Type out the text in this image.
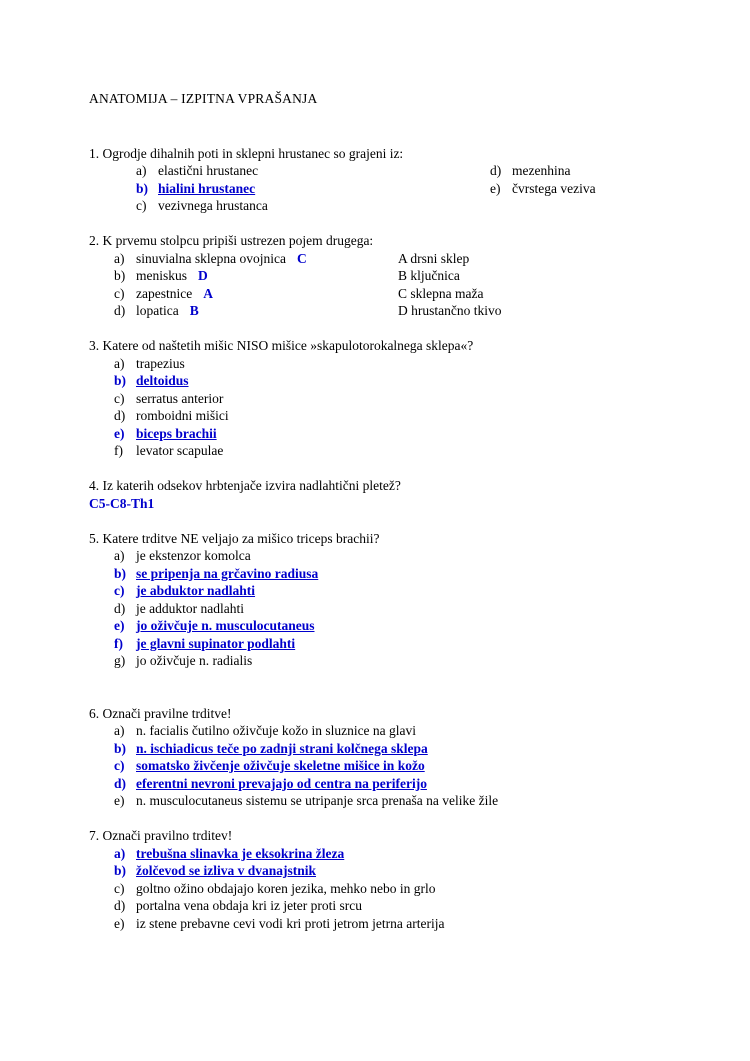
ANATOMIJA – IZPITNA VPRAŠANJA
1. Ogrodje dihalnih poti in sklepni hrustanec so grajeni iz:
a) elastični hrustanec	d) mezenhina
b) hialini hrustanec	e) čvrstega veziva
c) vezivnega hrustanca
2. K prvemu stolpcu pripiši ustrezen pojem drugega:
a) sinuvialna sklepna ovojnica C	A drsni sklep
b) meniskus D	B ključnica
c) zapestnice A	C sklepna maža
d) lopatica B	D hrustančno tkivo
3. Katere od naštetih mišic NISO mišice »skapulotorokalnega sklepa«?
a) trapezius
b) deltoidus
c) serratus anterior
d) romboidni mišici
e) biceps brachii
f) levator scapulae
4. Iz katerih odsekov hrbtenjače izvira nadlahtični pletež?
C5-C8-Th1
5. Katere trditve NE veljajo za mišico triceps brachii?
a) je ekstenzor komolca
b) se pripenja na grčavino radiusa
c) je abduktor nadlahti
d) je adduktor nadlahti
e) jo oživčuje n. musculocutaneus
f) je glavni supinator podlahti
g) jo oživčuje n. radialis
6. Označi pravilne trditve!
a) n. facialis čutilno oživčuje kožo in sluznice na glavi
b) n. ischiadicus teče po zadnji strani kolčnega sklepa
c) somatsko živčenje oživčuje skeletne mišice in kožo
d) eferentni nevroni prevajajo od centra na periferijo
e) n. musculocutaneus sistemu se utripanje srca prenaša na velike žile
7. Označi pravilno trditev!
a) trebušna slinavka je eksokrina žleza
b) žolčevod se izliva v dvanajstnik
c) goltno ožino obdajajo koren jezika, mehko nebo in grlo
d) portalna vena obdaja kri iz jeter proti srcu
e) iz stene prebavne cevi vodi kri proti jetrom jetrna arterija
